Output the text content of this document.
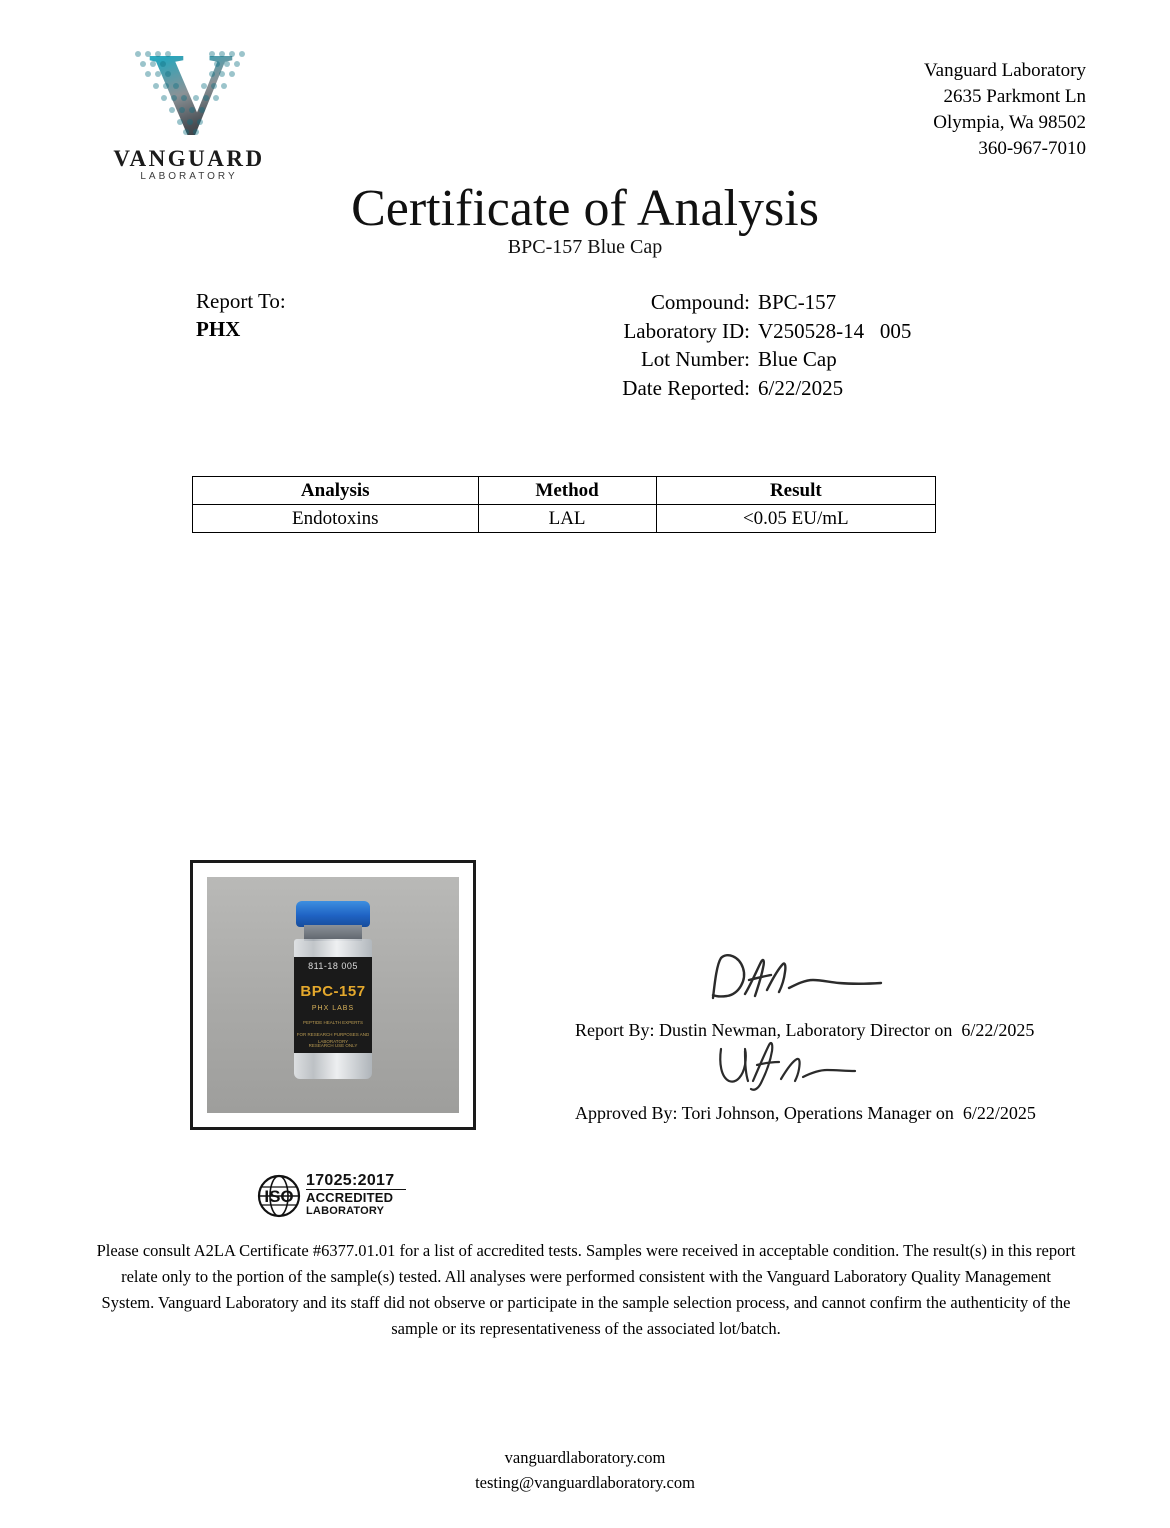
V
VANGUARD
LABORATORY
Vanguard Laboratory
2635 Parkmont Ln
Olympia, Wa 98502
360-967-7010
Certificate of Analysis
BPC-157 Blue Cap
Report To:
PHX
Compound: BPC-157
Laboratory ID: V250528-14   005
Lot Number: Blue Cap
Date Reported: 6/22/2025
Analysis	Method	Result
Endotoxins	LAL	<0.05 EU/mL
811-18 005
BPC-157
PHX LABS
PEPTIDE HEALTH EXPERTS
FOR RESEARCH PURPOSES AND LABORATORY
RESEARCH USE ONLY
Report By: Dustin Newman, Laboratory Director on  6/22/2025
Approved By: Tori Johnson, Operations Manager on  6/22/2025
ISO
17025:2017
ACCREDITED
LABORATORY
Please consult A2LA Certificate #6377.01.01 for a list of accredited tests. Samples were received in acceptable condition. The result(s) in this report relate only to the portion of the sample(s) tested. All analyses were performed consistent with the Vanguard Laboratory Quality Management System. Vanguard Laboratory and its staff did not observe or participate in the sample selection process, and cannot confirm the authenticity of the sample or its representativeness of the associated lot/batch.
vanguardlaboratory.com
testing@vanguardlaboratory.com
